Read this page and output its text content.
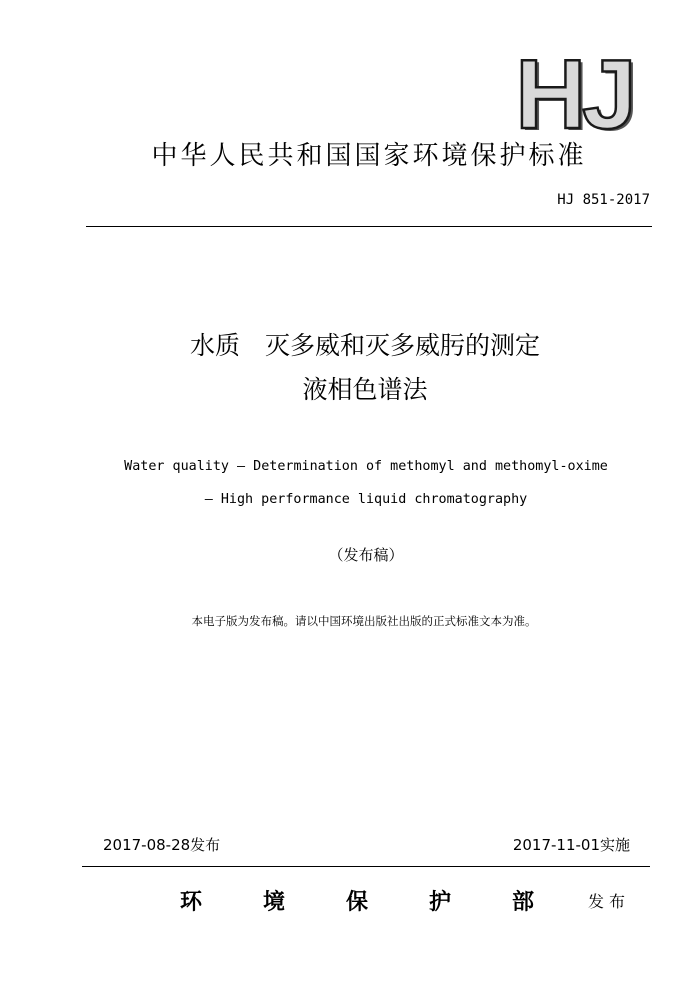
HJ
中华人民共和国国家环境保护标准
HJ 851-2017
水质　灭多威和灭多威肟的测定
液相色谱法
Water quality — Determination of methomyl and methomyl-oxime
— High performance liquid chromatography
（发布稿）
本电子版为发布稿。请以中国环境出版社出版的正式标准文本为准。
2017-08-28发布	2017-11-01实施
环	境	保	护	部	发布
